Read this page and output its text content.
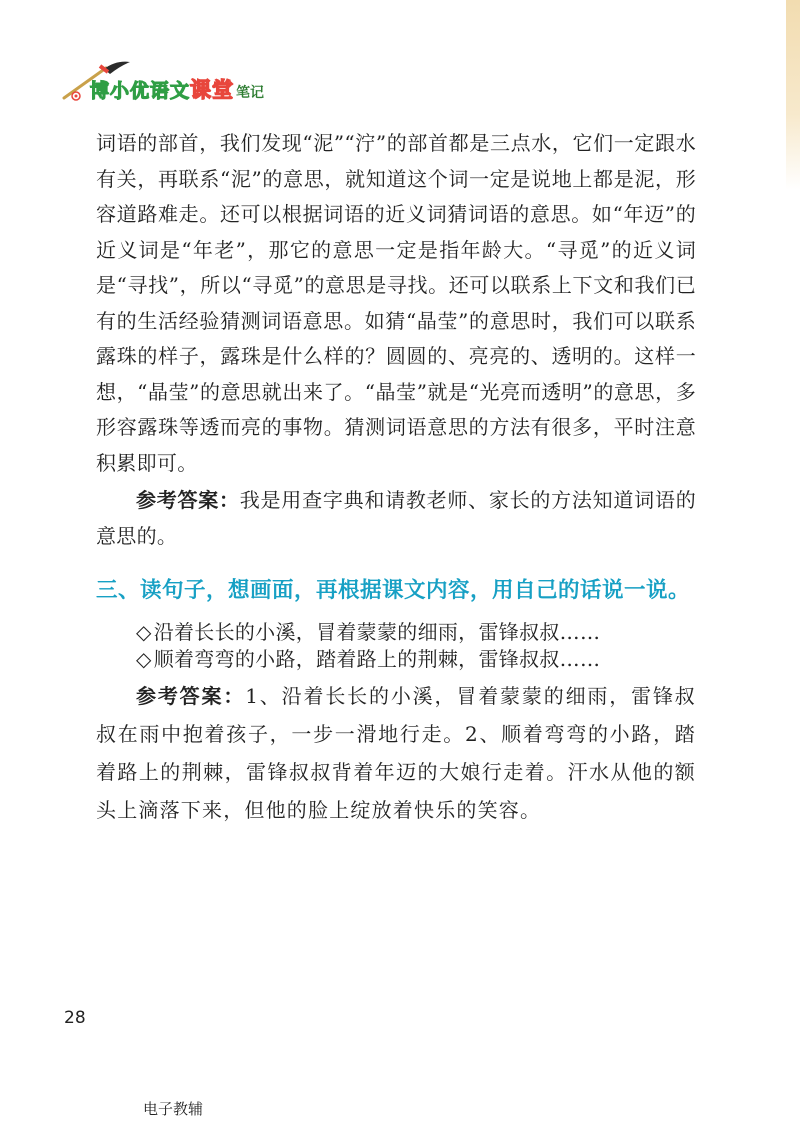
博小优语文课堂 笔记

词语的部首，我们发现“泥”“泞”的部首都是三点水，它们一定跟水有关，再联系“泥”的意思，就知道这个词一定是说地上都是泥，形容道路难走。还可以根据词语的近义词猜词语的意思。如“年迈”的近义词是“年老”，那它的意思一定是指年龄大。“寻觅”的近义词是“寻找”，所以“寻觅”的意思是寻找。还可以联系上下文和我们已有的生活经验猜测词语意思。如猜“晶莹”的意思时，我们可以联系露珠的样子，露珠是什么样的？圆圆的、亮亮的、透明的。这样一想，“晶莹”的意思就出来了。“晶莹”就是“光亮而透明”的意思，多形容露珠等透而亮的事物。猜测词语意思的方法有很多，平时注意积累即可。

参考答案：我是用查字典和请教老师、家长的方法知道词语的意思的。

三、读句子，想画面，再根据课文内容，用自己的话说一说。

◇ 沿着长长的小溪，冒着蒙蒙的细雨，雷锋叔叔……

◇ 顺着弯弯的小路，踏着路上的荆棘，雷锋叔叔……

参考答案：1、沿着长长的小溪，冒着蒙蒙的细雨，雷锋叔叔在雨中抱着孩子，一步一滑地行走。2、顺着弯弯的小路，踏着路上的荆棘，雷锋叔叔背着年迈的大娘行走着。汗水从他的额头上滴落下来，但他的脸上绽放着快乐的笑容。

28
电子教辅
